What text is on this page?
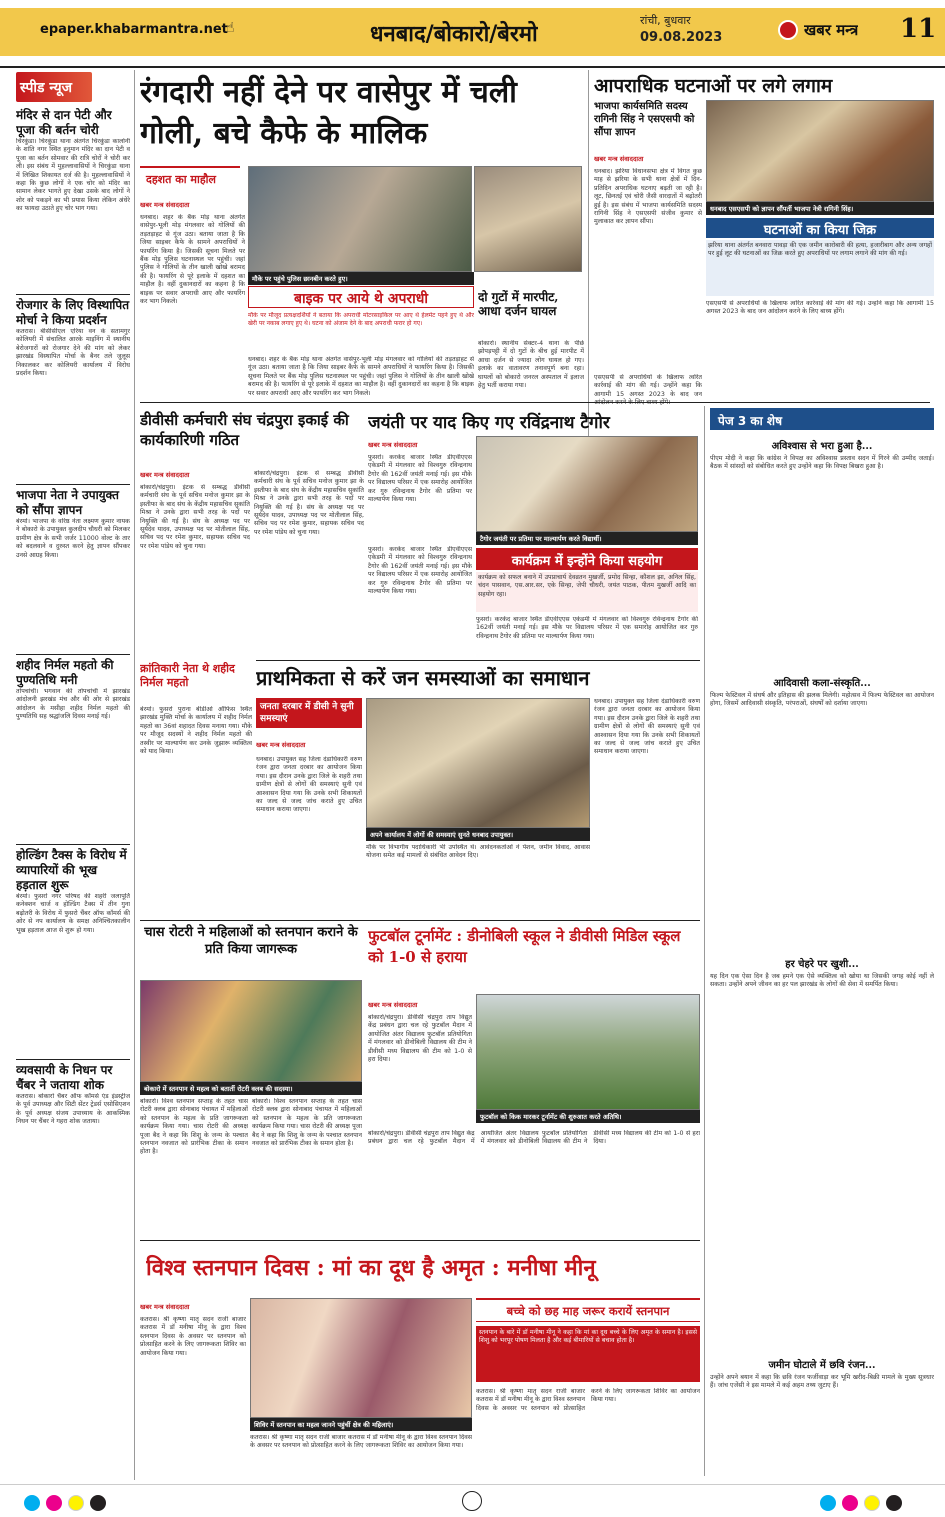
epaper.khabarmantra.net
☝	धनबाद/बोकारो/बेरमो
रांची, बुधवार
09.08.2023	खबर मन्त्र 11
स्पीड न्यूज
मंदिर से दान पेटी और पूजा की बर्तन चोरी
चिरकुंडा। चिरकुंडा थाना अंतर्गत चिरकुंडा कालोनी के शांति नगर स्थित हनुमान मंदिर का दान पेटी व पूजा का बर्तन सोमवार की रात्रि चोरों ने चोरी कर ली। इस संबंध में मुहल्लावासियों ने चिरकुंडा थाना में लिखित शिकायत दर्ज की है। मुहल्लावासियों ने कहा कि कुछ लोगों ने एक चोर को मंदिर का सामान लेकर भागते हुए देखा उसके बाद लोगों ने शोर को पकड़ने का भी प्रयास किया लेकिन अंधेरे का फायदा उठाते हुए चोर भाग गया।
रोजगार के लिए विस्थापित मोर्चा ने किया प्रदर्शन
कतरास। बीसीसीएल एरिया वन के सतामगुर कोलियरी में संचालित आरके माइनिंग में स्थानीय बेरोजगारों को रोजगार देने की मांग को लेकर झारखंड विस्थापित मोर्चा के बैनर तले जुलूस निकालकर कर कोलियरी कार्यालय में विरोध प्रदर्शन किया।
भाजपा नेता ने उपायुक्त को सौंपा ज्ञापन
बेरमो। भाजपा के वरिष्ठ नेता लक्ष्मण कुमार नायक ने बोकारो के उपायुक्त कुलदीप चौधरी को मिलकर ग्रामीण क्षेत्र के सभी जर्जर 11000 वोल्ट के तार को बदलवाने व दुरुस्त करने हेतु ज्ञापन सौंपकर उनसे आग्रह किया।
शहीद निर्मल महतो की पुण्यतिथि मनी
तोपचांची। भगवान की तोपचांची में झारखंड आंदोलनी झरखंड मंच और की ओर से झारखंड आंदोलन के मसीहा शहीद निर्मल महतो की पुण्यतिथि सह श्रद्धांजलि दिवस मनाई गई।
होल्डिंग टैक्स के विरोध में व्यापारियों की भूख हड़ताल शुरू
बेरमो। फुसरो नगर परिषद की शहरी जलापूर्ति कनेक्शन चार्ज व होल्डिंग टैक्स में तीन गुना बढ़ोतरी के विरोध में फुसरो चैंबर ऑफ कॉमर्स की ओर से नप कार्यालय के समक्ष अनिश्चितकालीन भूख हड़ताल आज से शुरू हो गया।
व्यवसायी के निधन पर चैंबर ने जताया शोक
कतरास। बोकारो चैंबर ऑफ कॉमर्स एंड इंडस्ट्रीज के पूर्व उपाध्यक्ष और सिटी सेंटर ट्रेडर्स एसोसिएशन के पूर्व अध्यक्ष संजय उपाध्याय के आकस्मिक निधन पर चैंबर ने गहरा शोक जताया।
रंगदारी नहीं देने पर वासेपुर में चली गोली, बचे कैफे के मालिक
दहशत का माहौल
खबर मन्त्र संवाददाता
धनबाद। शहर के बैंक मोड़ थाना अंतर्गत वासेपुर-भूली मोड़ मंगलवार को गोलियों की तड़तड़ाहट से गूंज उठा। बताया जाता है कि जिया साइबर कैफे के सामने अपराधियों ने फायरिंग किया है। जिसकी सूचना मिलते पर बैंक मोड़ पुलिस घटनास्थल पर पहुंची। जहां पुलिस ने गोलियों के तीन खाली खोखे बरामद की है। फायरिंग से पूरे इलाके में दहशत का माहौल है। वहीं दुकानदारों का कहना है कि बाइक पर सवार अपराधी आए और फायरिंग कर भाग निकले।
मौके पर पहुंचे पुलिस छानबीन करते हुए।
बाइक पर आये थे अपराधी
मौके पर मौजूद प्रत्यक्षदर्शियों ने बताया कि अपराधी मोटरसाइकिल पर आए थे हेलमेट पहने हुए थे और खेरी पर नकाब लगाए हुए थे। घटना को अंजाम देने के बाद अपराधी फरार हो गए।
धनबाद। शहर के बैंक मोड़ थाना अंतर्गत वासेपुर-भूली मोड़ मंगलवार को गोलियों की तड़तड़ाहट से गूंज उठा। बताया जाता है कि जिया साइबर कैफे के सामने अपराधियों ने फायरिंग किया है। जिसकी सूचना मिलते पर बैंक मोड़ पुलिस घटनास्थल पर पहुंची। जहां पुलिस ने गोलियों के तीन खाली खोखे बरामद की है। फायरिंग से पूरे इलाके में दहशत का माहौल है। वहीं दुकानदारों का कहना है कि बाइक पर सवार अपराधी आए और फायरिंग कर भाग निकले।
दो गुटों में मारपीट, आधा दर्जन घायल
बोकारो। स्थानीय सेक्टर-4 थाना के पीछे झोपड़पट्टी में दो गुटों के बीच हुई मारपीट में आधा दर्जन से ज्यादा लोग घायल हो गए। इलाके का वातावरण तनावपूर्ण बना रहा। घायलों को बोकारो जनरल अस्पताल में इलाज हेतु भर्ती कराया गया।
आपराधिक घटनाओं पर लगे लगाम
भाजपा कार्यसमिति सदस्य रागिनी सिंह ने एसएसपी को सौंपा ज्ञापन
धनबाद एसएसपी को ज्ञापन सौंपतीं भाजपा नेत्री रागिनी सिंह।
खबर मन्त्र संवाददाता
धनबाद। झरिया विधानसभा क्षेत्र में विगत कुछ माह से झरिया के सभी थाना क्षेत्रों में दिन-प्रतिदिन अपराधिक घटनाए बढ़ती जा रही है। लूट, छिनतई एवं चोरी जैसी वारदातों में बढ़ोतरी हुई है। इस संबंध में भाजपा कार्यसमिति सदस्य रागिनी सिंह ने एसएसपी संजीव कुमार से मुलाकात कर ज्ञापन सौंपा।
घटनाओं का किया जिक्र
झरिया थाना अंतर्गत बनवारा पावड़ा की एक जमीन कारोबारी की हत्या, हजारीबाग और अन्य जगहों पर हुई लूट की घटनाओं का जिक्र करते हुए अपराधियों पर लगाम लगाने की मांग की गई।
एसएसपी से अपराधियों के खिलाफ त्वरित कार्रवाई की मांग की गई। उन्होंने कहा कि आगामी 15 अगस्त 2023 के बाद जन आंदोलन करने के लिए बाध्य होंगे।
एसएसपी से अपराधियों के खिलाफ त्वरित कार्रवाई की मांग की गई। उन्होंने कहा कि आगामी 15 अगस्त 2023 के बाद जन
पेज 3 का शेष
अविश्वास से भरा हुआ है...
पीएम मोदी ने कहा कि कांग्रेस ने विपक्ष का अविश्वास प्रस्ताव सदन में गिरने की उम्मीद जताई। बैठक में सांसदों को संबोधित करते हुए उन्होंने कहा कि विपक्ष बिखरा हुआ है।
आदिवासी कला-संस्कृति...
फिल्म फेस्टिवल में संघर्ष और इतिहास की झलक मिलेगी। महोत्सव में फिल्म फेस्टिवल का आयोजन होगा, जिसमें आदिवासी संस्कृति, परंपराओं, संघर्षों को दर्शाया जाएगा।
हर चेहरे पर खुशी...
यह दिन एक ऐसा दिन है जब हमने एक ऐसे व्यक्तित्व को खोया था जिसकी जगह कोई नहीं ले सकता। उन्होंने अपने जीवन का हर पल झारखंड के लोगों की सेवा में समर्पित किया।
जमीन घोटाले में छवि रंजन...
उन्होंने अपने बयान में कहा कि छवि रंजन फर्जीवाड़ा कर भूमि खरीद-बिक्री मामले के मुख्य सूत्रधार हैं। जांच एजेंसी ने इस मामले में कई अहम तथ्य जुटाए हैं।
डीवीसी कर्मचारी संघ चंद्रपुरा इकाई की कार्यकारिणी गठित
खबर मन्त्र संवाददाता
बोकारो/चंद्रपुरा। इंटक से सम्बद्ध डीवीसी कर्मचारी संघ के पूर्व सचिव मनोज कुमार झा के इस्तीफा के बाद संघ के केंद्रीय महासचिव सुकांति मिश्रा ने उनके द्वारा सभी तरह के पदों पर नियुक्ति की गई है। संघ के अध्यक्ष पद पर सूर्यदेव यादव, उपाध्यक्ष पद पर मोतीलाल सिंह, सचिव पद पर रमेश कुमार, सहायक सचिव पद पर रमेश पांडेय को चुना गया।
बोकारो/चंद्रपुरा। इंटक से सम्बद्ध डीवीसी कर्मचारी संघ के पूर्व सचिव मनोज कुमार झा के इस्तीफा के बाद संघ के केंद्रीय महासचिव सुकांति मिश्रा ने उनके द्वारा सभी तरह के पदों पर नियुक्ति की गई है। संघ के अध्यक्ष पद पर सूर्यदेव यादव, उपाध्यक्ष पद पर मोतीलाल सिंह, सचिव पद पर रमेश कुमार, सहायक सचिव पद पर रमेश पांडेय को चुना गया।
क्रांतिकारी नेता थे शहीद निर्मल महतो
बेरमो। फुसरो पुराना बीडीओ ऑफिस स्थित झारखंड मुक्ति मोर्चा के कार्यालय में शहीद निर्मल महतो का 36वां शहादत दिवस मनाया गया। मौके पर मौजूद सदस्यों ने शहीद निर्मल महतो की तस्वीर पर माल्यार्पण कर उनके जुझारू व्यक्तित्व को याद किया।
जयंती पर याद किए गए रविंद्रनाथ टैगोर
खबर मन्त्र संवाददाता
फुसरो। करकेंद बाजार स्थित डीएवीएएस एकेडमी में मंगलवार को विश्वगुरु रविन्द्रनाथ टैगोर की 162वीं जयंती मनाई गई। इस मौके पर विद्यालय परिसर में एक समारोह आयोजित कर गुरु रविन्द्रनाथ टैगोर की प्रतिमा पर माल्यार्पण किया गया।
टैगोर जयंती पर प्रतिमा पर माल्यार्पण करते विद्यार्थी।
कार्यक्रम में इन्होंने किया सहयोग
कार्यक्रम को सफल बनाने में उपप्राचार्य देवव्रतन मुखर्जी, प्रमोद सिन्हा, कौशल झा, अनिल सिंह, चंदन पासवान, एस.आर.सर, एके सिन्हा, जेपी चौधरी, जयंत पाठक, पीतम मुखर्जी आदि का सहयोग रहा।
फुसरो। करकेंद बाजार स्थित डीएवीएएस एकेडमी में मंगलवार को विश्वगुरु रविन्द्रनाथ टैगोर की 162वीं जयंती मनाई गई। इस मौके पर विद्यालय परिसर में एक समारोह आयोजित कर गुरु रविन्द्रनाथ टैगोर की प्रतिमा पर माल्यार्पण किया गया।
फुसरो। करकेंद बाजार स्थित डीएवीएएस एकेडमी में मंगलवार को विश्वगुरु रविन्द्रनाथ टैगोर की 162वीं जयंती मनाई गई। इस मौके पर विद्यालय परिसर में एक समारोह आयोजित कर गुरु रविन्द्रनाथ टैगोर की प्रतिमा पर माल्यार्पण किया गया।
प्राथमिकता से करें जन समस्याओं का समाधान
जनता दरबार में डीसी ने सुनी समस्याएं
खबर मन्त्र संवाददाता
धनबाद। उपायुक्त सह जिला दंडाधिकारी वरुण रंजन द्वारा जनता दरबार का आयोजन किया गया। इस दौरान उनके द्वारा जिले के शहरी तथा ग्रामीण क्षेत्रों से लोगों की समस्याएं सुनी एवं आश्वासन दिया गया कि उनके सभी शिकायतों का जल्द से जल्द जांच कराते हुए उचित समाधान कराया जाएगा।
अपने कार्यालय में लोगों की समस्याएं सुनते धनबाद उपायुक्त।
मौके पर विभागीय पदाधिकारी भी उपस्थित थे। आवेदनकर्ताओं ने पेंशन, जमीन विवाद, आवास योजना समेत कई मामलों से संबंधित आवेदन दिए।
धनबाद। उपायुक्त सह जिला दंडाधिकारी वरुण रंजन द्वारा जनता दरबार का आयोजन किया गया। इस दौरान उनके द्वारा जिले के शहरी तथा ग्रामीण क्षेत्रों से लोगों की समस्याएं सुनी एवं आश्वासन दिया गया कि उनके सभी शिकायतों का जल्द से जल्द जांच कराते हुए उचित समाधान कराया जाएगा।
चास रोटरी ने महिलाओं को स्तनपान कराने के प्रति किया जागरूक
बोकारो में स्तनपान से महत्व को बतातीं रोटरी क्लब की सदस्या।
बोकारो। विश्व स्तनपान सप्ताह के तहत चास रोटरी क्लब द्वारा सोनाबाद पंचायत में महिलाओं को स्तनपान के महत्व के प्रति जागरूकता कार्यक्रम किया गया। चास रोटरी की अध्यक्ष पूजा बैद ने कहा कि शिशु के जन्म के पश्चात स्तनपान नवजात को प्रारंभिक टीका के समान होता है।
बोकारो। विश्व स्तनपान सप्ताह के तहत चास रोटरी क्लब द्वारा सोनाबाद पंचायत में महिलाओं को स्तनपान के महत्व के प्रति जागरूकता कार्यक्रम किया गया। चास रोटरी की अध्यक्ष पूजा बैद ने कहा कि शिशु के जन्म के पश्चात स्तनपान नवजात को प्रारंभिक टीका के समान होता है।
फुटबॉल टूर्नामेंट : डीनोबिली स्कूल ने डीवीसी मिडिल स्कूल को 1-0 से हराया
खबर मन्त्र संवाददाता
बोकारो/चंद्रपुरा। डीवीसी चंद्रपुरा ताप विद्युत केंद्र प्रबंधन द्वारा चल रहे फुटबॉल मैदान में आयोजित अंतर विद्यालय फुटबॉल प्रतियोगिता में मंगलवार को डीनोबिली विद्यालय की टीम ने डीवीसी मध्य विद्यालय की टीम को 1-0 से हरा दिया।
फुटबॉल को किक मारकर टूर्नामेंट की शुरुआत करते अतिथि।
बोकारो/चंद्रपुरा। डीवीसी चंद्रपुरा ताप विद्युत केंद्र प्रबंधन द्वारा चल रहे फुटबॉल मैदान में आयोजित अंतर विद्यालय फुटबॉल प्रतियोगिता में मंगलवार को डीनोबिली विद्यालय की टीम ने डीवीसी मध्य विद्यालय की टीम को 1-0 से हरा दिया।
विश्व स्तनपान दिवस : मां का दूध है अमृत : मनीषा मीनू
खबर मन्त्र संवाददाता
कतरास। श्री कृष्णा मातृ सदन राजी बाजार कतरास में डॉ मनीषा मीनू के द्वारा विश्व स्तनपान दिवस के अवसर पर स्तनपान को प्रोत्साहित करने के लिए जागरूकता शिविर का आयोजन किया गया।
शिविर में स्तनपान का महत्व जानने पहुंचीं क्षेत्र की महिलाएं।
कतरास। श्री कृष्णा मातृ सदन राजी बाजार कतरास में डॉ मनीषा मीनू के द्वारा विश्व स्तनपान दिवस के अवसर पर स्तनपान को प्रोत्साहित करने के लिए जागरूकता शिविर का आयोजन किया गया।
बच्चे को छह माह जरूर करायें स्तनपान
स्तनपान के बारे में डॉ मनीषा मीनू ने कहा कि मां का दूध बच्चे के लिए अमृत के समान है। इससे शिशु को भरपूर पोषण मिलता है और कई बीमारियों से बचाव होता है।
कतरास। श्री कृष्णा मातृ सदन राजी बाजार कतरास में डॉ मनीषा मीनू के द्वारा विश्व स्तनपान दिवस के अवसर पर स्तनपान को प्रोत्साहित करने के लिए जागरूकता शिविर का आयोजन किया गया।
